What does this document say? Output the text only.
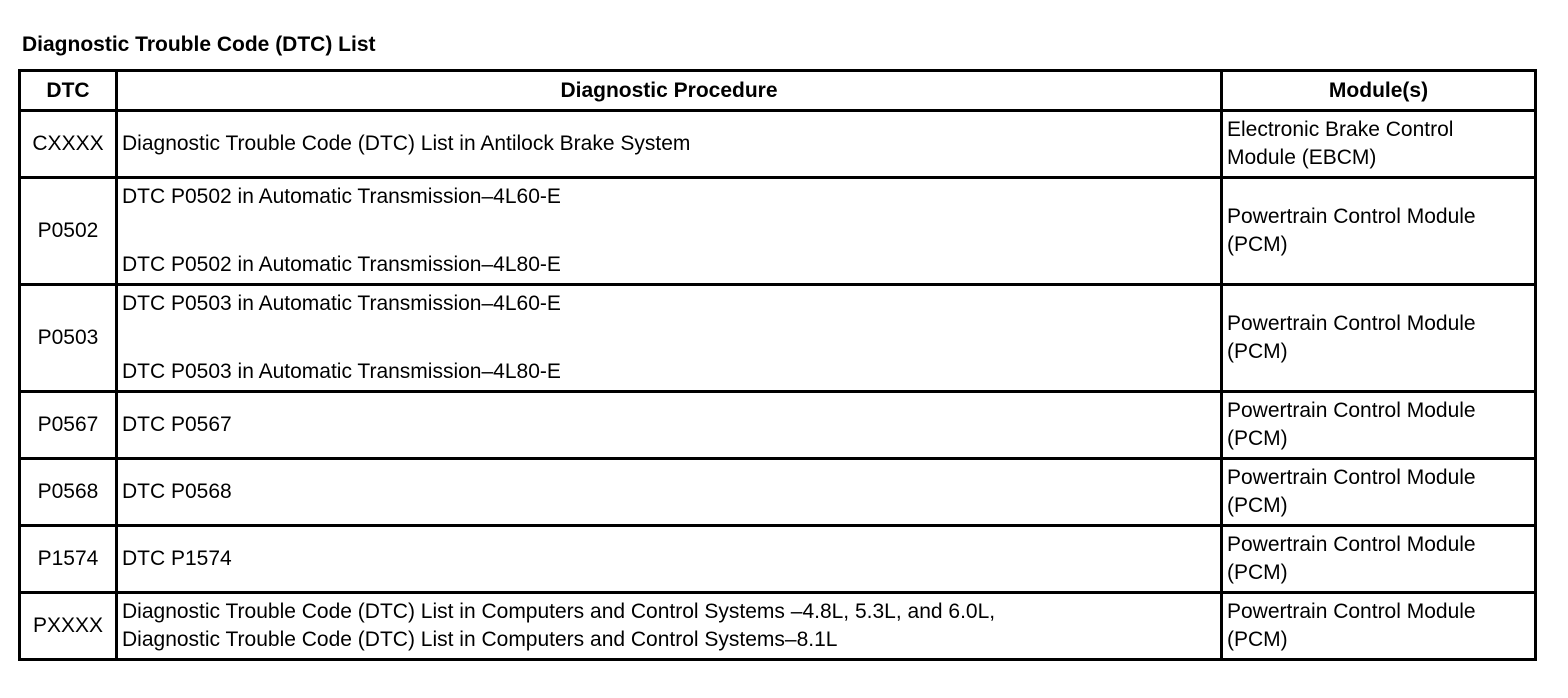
Diagnostic Trouble Code (DTC) List
DTC	Diagnostic Procedure	Module(s)
CXXXX	Diagnostic Trouble Code (DTC) List in Antilock Brake System	Electronic Brake Control
Module (EBCM)

P0502	DTC P0502 in Automatic Transmission–4L60-E
DTC P0502 in Automatic Transmission–4L80-E	Powertrain Control Module
(PCM)

P0503	DTC P0503 in Automatic Transmission–4L60-E
DTC P0503 in Automatic Transmission–4L80-E	Powertrain Control Module
(PCM)

P0567	DTC P0567	Powertrain Control Module
(PCM)

P0568	DTC P0568	Powertrain Control Module
(PCM)

P1574	DTC P1574	Powertrain Control Module
(PCM)

PXXXX	Diagnostic Trouble Code (DTC) List in Computers and Control Systems –4.8L, 5.3L, and 6.0L,
Diagnostic Trouble Code (DTC) List in Computers and Control Systems–8.1L	Powertrain Control Module
(PCM)
